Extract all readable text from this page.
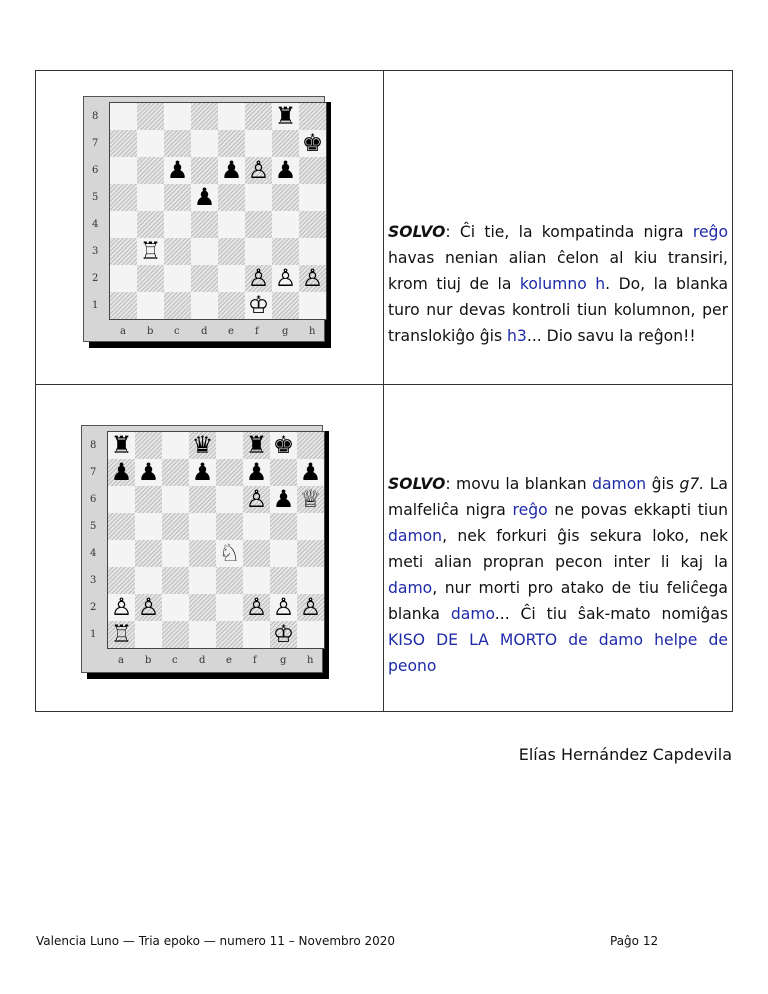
♜
♚
♟ ♟ ♙ ♟
♟
♖
♙ ♙ ♙
♔
8
7
6
5
4
3
2
1
a b c d e f g h
SOLVO: Ĉi tie, la kompatinda nigra reĝo havas nenian alian ĉelon al kiu transiri, krom tiuj de la kolumno h. Do, la blanka turo nur devas kontroli tiun kolumnon, per translokiĝo ĝis h3... Dio savu la reĝon!!
♜ ♛ ♜ ♚
♟ ♟ ♟ ♟ ♟
♙ ♟ ♕
♘
♙ ♙	♙ ♙ ♙
♖	♔
8
7
6
5
4
3
2
1
a b c d e f g h
SOLVO: movu la blankan damon ĝis g7. La malfeliĉa nigra reĝo ne povas ekkapti tiun damon, nek forkuri ĝis sekura loko, nek meti alian propran pecon inter li kaj la damo, nur morti pro atako de tiu feliĉega blanka damo... Ĉi tiu ŝak-mato nomiĝas KISO DE LA MORTO de damo helpe de peono
Elías Hernández Capdevila
Valencia Luno — Tria epoko — numero 11 – Novembro 2020	Paĝo 12
